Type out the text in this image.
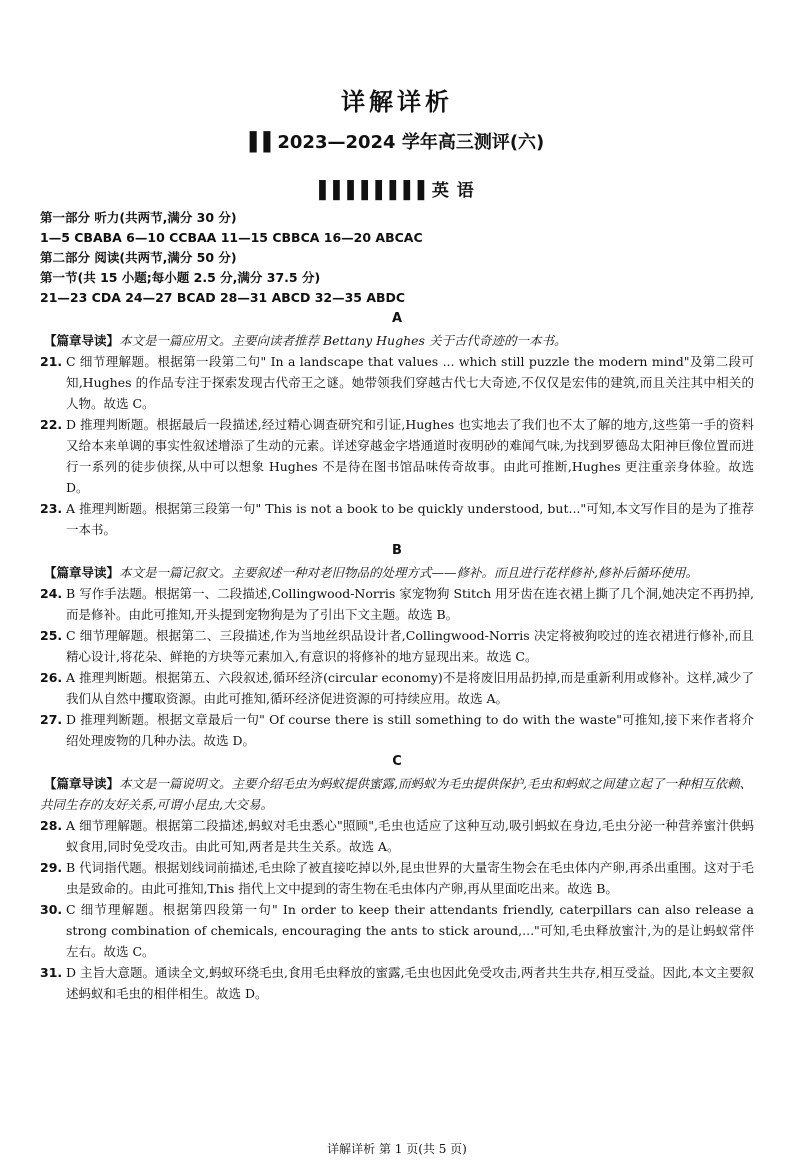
详解详析
▌▌2023—2024 学年高三测评(六)
▌▌▌▌▌▌▌▌英 语
第一部分 听力(共两节,满分 30 分)
1—5 CBABA 6—10 CCBAA 11—15 CBBCA 16—20 ABCAC
第二部分 阅读(共两节,满分 50 分)
第一节(共 15 小题;每小题 2.5 分,满分 37.5 分)
21—23 CDA 24—27 BCAD 28—31 ABCD 32—35 ABDC
A
【篇章导读】本文是一篇应用文。主要向读者推荐 Bettany Hughes 关于古代奇迹的一本书。
21. C 细节理解题。根据第一段第二句" In a landscape that values ... which still puzzle the modern mind"及第二段可知,Hughes 的作品专注于探索发现古代帝王之谜。她带领我们穿越古代七大奇迹,不仅仅是宏伟的建筑,而且关注其中相关的人物。故选 C。
22. D 推理判断题。根据最后一段描述,经过精心调查研究和引证,Hughes 也实地去了我们也不太了解的地方,这些第一手的资料又给本来单调的事实性叙述增添了生动的元素。详述穿越金字塔通道时夜明砂的难闻气味,为找到罗德岛太阳神巨像位置而进行一系列的徒步侦探,从中可以想象 Hughes 不是待在图书馆品味传奇故事。由此可推断,Hughes 更注重亲身体验。故选 D。
23. A 推理判断题。根据第三段第一句" This is not a book to be quickly understood, but..."可知,本文写作目的是为了推荐一本书。
B
【篇章导读】本文是一篇记叙文。主要叙述一种对老旧物品的处理方式——修补。而且进行花样修补,修补后循环使用。
24. B 写作手法题。根据第一、二段描述,Collingwood-Norris 家宠物狗 Stitch 用牙齿在连衣裙上撕了几个洞,她决定不再扔掉,而是修补。由此可推知,开头提到宠物狗是为了引出下文主题。故选 B。
25. C 细节理解题。根据第二、三段描述,作为当地丝织品设计者,Collingwood-Norris 决定将被狗咬过的连衣裙进行修补,而且精心设计,将花朵、鲜艳的方块等元素加入,有意识的将修补的地方显现出来。故选 C。
26. A 推理判断题。根据第五、六段叙述,循环经济(circular economy)不是将废旧用品扔掉,而是重新利用或修补。这样,减少了我们从自然中攫取资源。由此可推知,循环经济促进资源的可持续应用。故选 A。
27. D 推理判断题。根据文章最后一句" Of course there is still something to do with the waste"可推知,接下来作者将介绍处理废物的几种办法。故选 D。
C
【篇章导读】本文是一篇说明文。主要介绍毛虫为蚂蚁提供蜜露,而蚂蚁为毛虫提供保护,毛虫和蚂蚁之间建立起了一种相互依赖、共同生存的友好关系,可谓小昆虫,大交易。
28. A 细节理解题。根据第二段描述,蚂蚁对毛虫悉心"照顾",毛虫也适应了这种互动,吸引蚂蚁在身边,毛虫分泌一种营养蜜汁供蚂蚁食用,同时免受攻击。由此可知,两者是共生关系。故选 A。
29. B 代词指代题。根据划线词前描述,毛虫除了被直接吃掉以外,昆虫世界的大量寄生物会在毛虫体内产卵,再杀出重围。这对于毛虫是致命的。由此可推知,This 指代上文中提到的寄生物在毛虫体内产卵,再从里面吃出来。故选 B。
30. C 细节理解题。根据第四段第一句" In order to keep their attendants friendly, caterpillars can also release a strong combination of chemicals, encouraging the ants to stick around,..."可知,毛虫释放蜜汁,为的是让蚂蚁常伴左右。故选 C。
31. D 主旨大意题。通读全文,蚂蚁环绕毛虫,食用毛虫释放的蜜露,毛虫也因此免受攻击,两者共生共存,相互受益。因此,本文主要叙述蚂蚁和毛虫的相伴相生。故选 D。
详解详析 第 1 页(共 5 页)
